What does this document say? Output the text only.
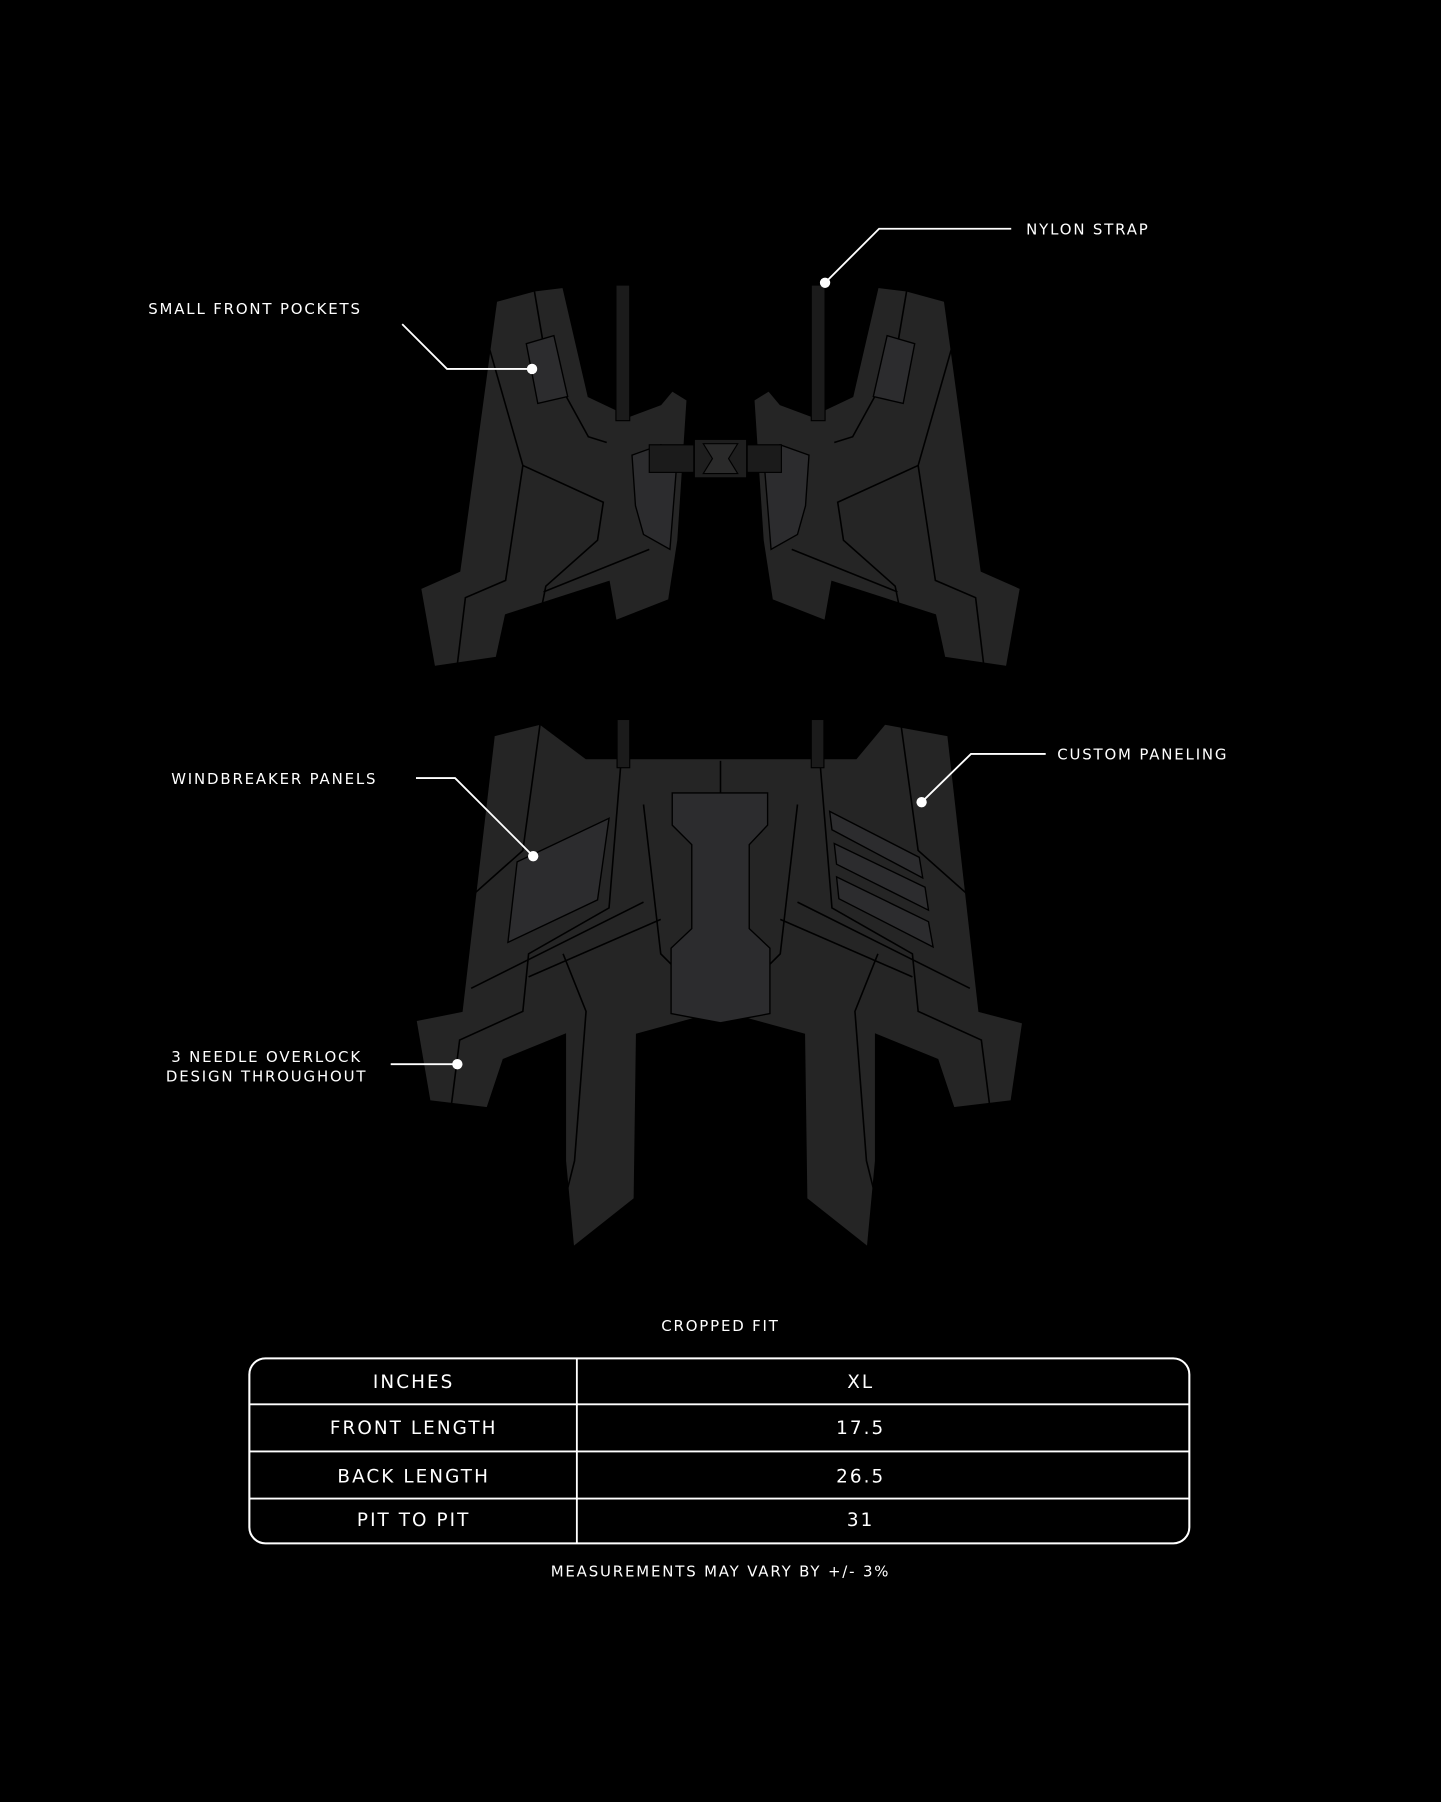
NYLON STRAP
SMALL FRONT POCKETS
WINDBREAKER PANELS
CUSTOM PANELING
3 NEEDLE OVERLOCK
DESIGN THROUGHOUT
CROPPED FIT
INCHES	XL
FRONT LENGTH	17.5
BACK LENGTH	26.5
PIT TO PIT	31
MEASUREMENTS MAY VARY BY +/- 3%
